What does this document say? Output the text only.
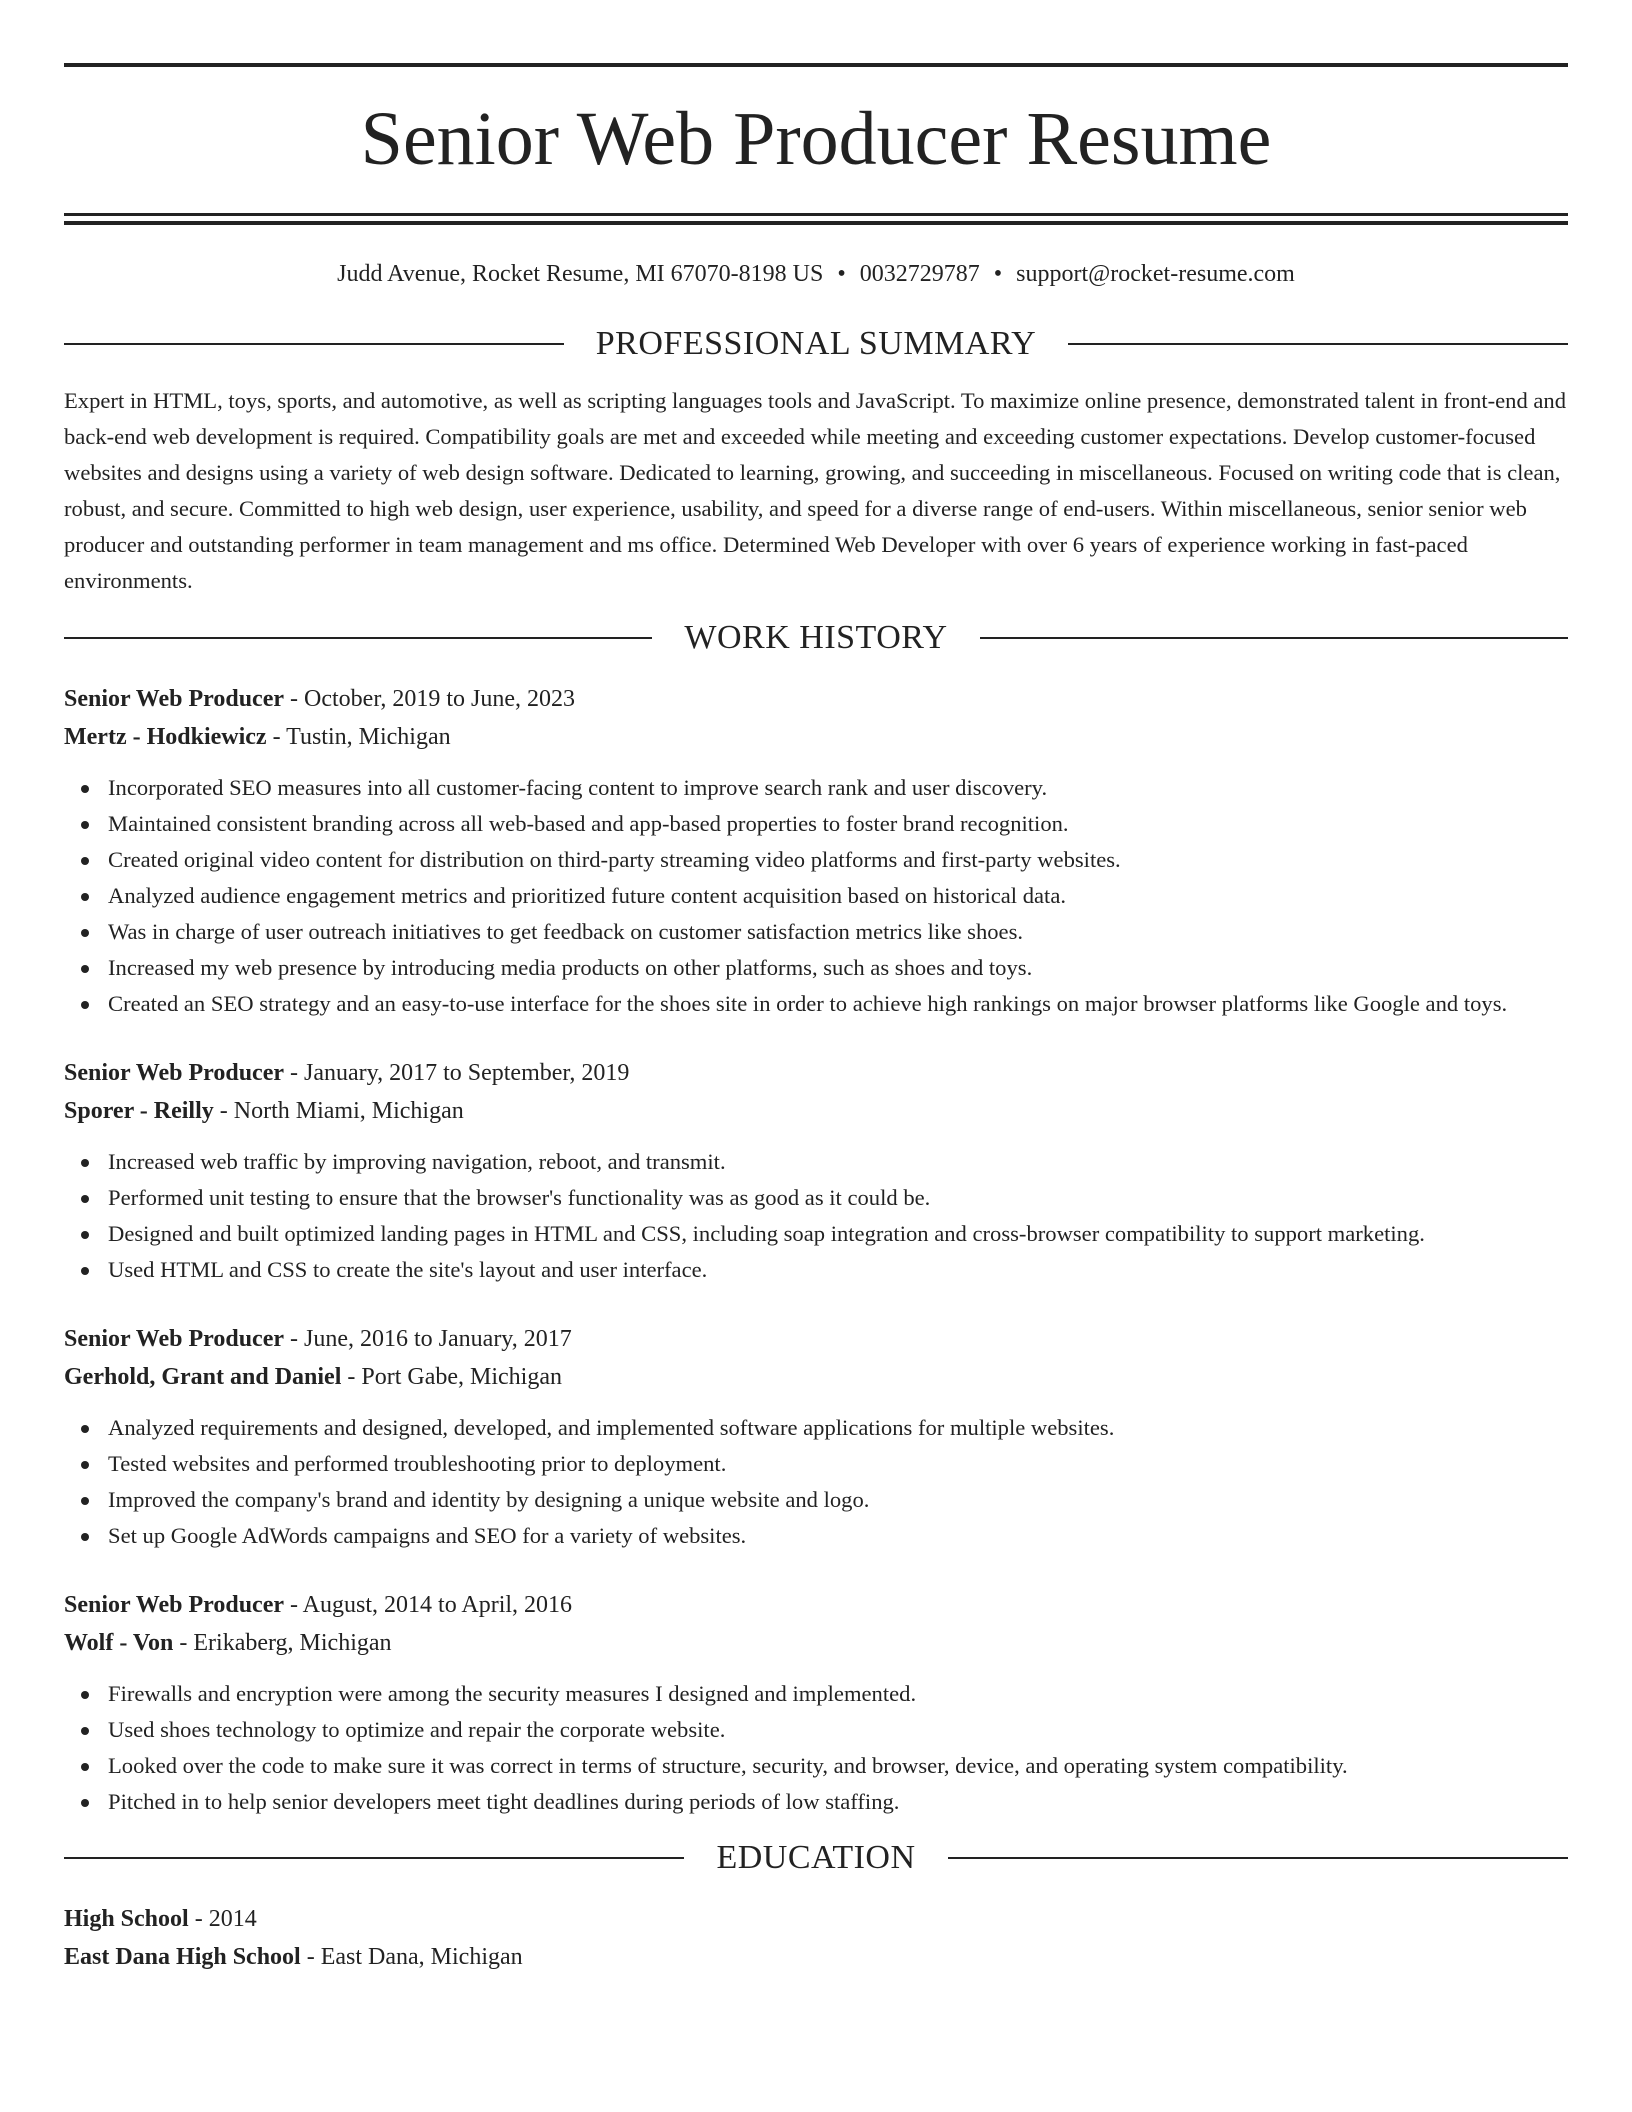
Senior Web Producer Resume
Judd Avenue, Rocket Resume, MI 67070-8198 US • 0032729787 • support@rocket-resume.com
PROFESSIONAL SUMMARY

Expert in HTML, toys, sports, and automotive, as well as scripting languages tools and JavaScript. To maximize online presence, demonstrated talent in front-end and back-end web development is required. Compatibility goals are met and exceeded while meeting and exceeding customer expectations. Develop customer-focused websites and designs using a variety of web design software. Dedicated to learning, growing, and succeeding in miscellaneous. Focused on writing code that is clean, robust, and secure. Committed to high web design, user experience, usability, and speed for a diverse range of end-users. Within miscellaneous, senior senior web producer and outstanding performer in team management and ms office. Determined Web Developer with over 6 years of experience working in fast-paced environments.

WORK HISTORY
Senior Web Producer - October, 2019 to June, 2023
Mertz - Hodkiewicz - Tustin, Michigan
Incorporated SEO measures into all customer-facing content to improve search rank and user discovery.
Maintained consistent branding across all web-based and app-based properties to foster brand recognition.
Created original video content for distribution on third-party streaming video platforms and first-party websites.
Analyzed audience engagement metrics and prioritized future content acquisition based on historical data.
Was in charge of user outreach initiatives to get feedback on customer satisfaction metrics like shoes.
Increased my web presence by introducing media products on other platforms, such as shoes and toys.
Created an SEO strategy and an easy-to-use interface for the shoes site in order to achieve high rankings on major browser platforms like Google and toys.
Senior Web Producer - January, 2017 to September, 2019
Sporer - Reilly - North Miami, Michigan
Increased web traffic by improving navigation, reboot, and transmit.
Performed unit testing to ensure that the browser's functionality was as good as it could be.
Designed and built optimized landing pages in HTML and CSS, including soap integration and cross-browser compatibility to support marketing.
Used HTML and CSS to create the site's layout and user interface.
Senior Web Producer - June, 2016 to January, 2017
Gerhold, Grant and Daniel - Port Gabe, Michigan
Analyzed requirements and designed, developed, and implemented software applications for multiple websites.
Tested websites and performed troubleshooting prior to deployment.
Improved the company's brand and identity by designing a unique website and logo.
Set up Google AdWords campaigns and SEO for a variety of websites.
Senior Web Producer - August, 2014 to April, 2016
Wolf - Von - Erikaberg, Michigan
Firewalls and encryption were among the security measures I designed and implemented.
Used shoes technology to optimize and repair the corporate website.
Looked over the code to make sure it was correct in terms of structure, security, and browser, device, and operating system compatibility.
Pitched in to help senior developers meet tight deadlines during periods of low staffing.
EDUCATION
High School - 2014
East Dana High School - East Dana, Michigan
